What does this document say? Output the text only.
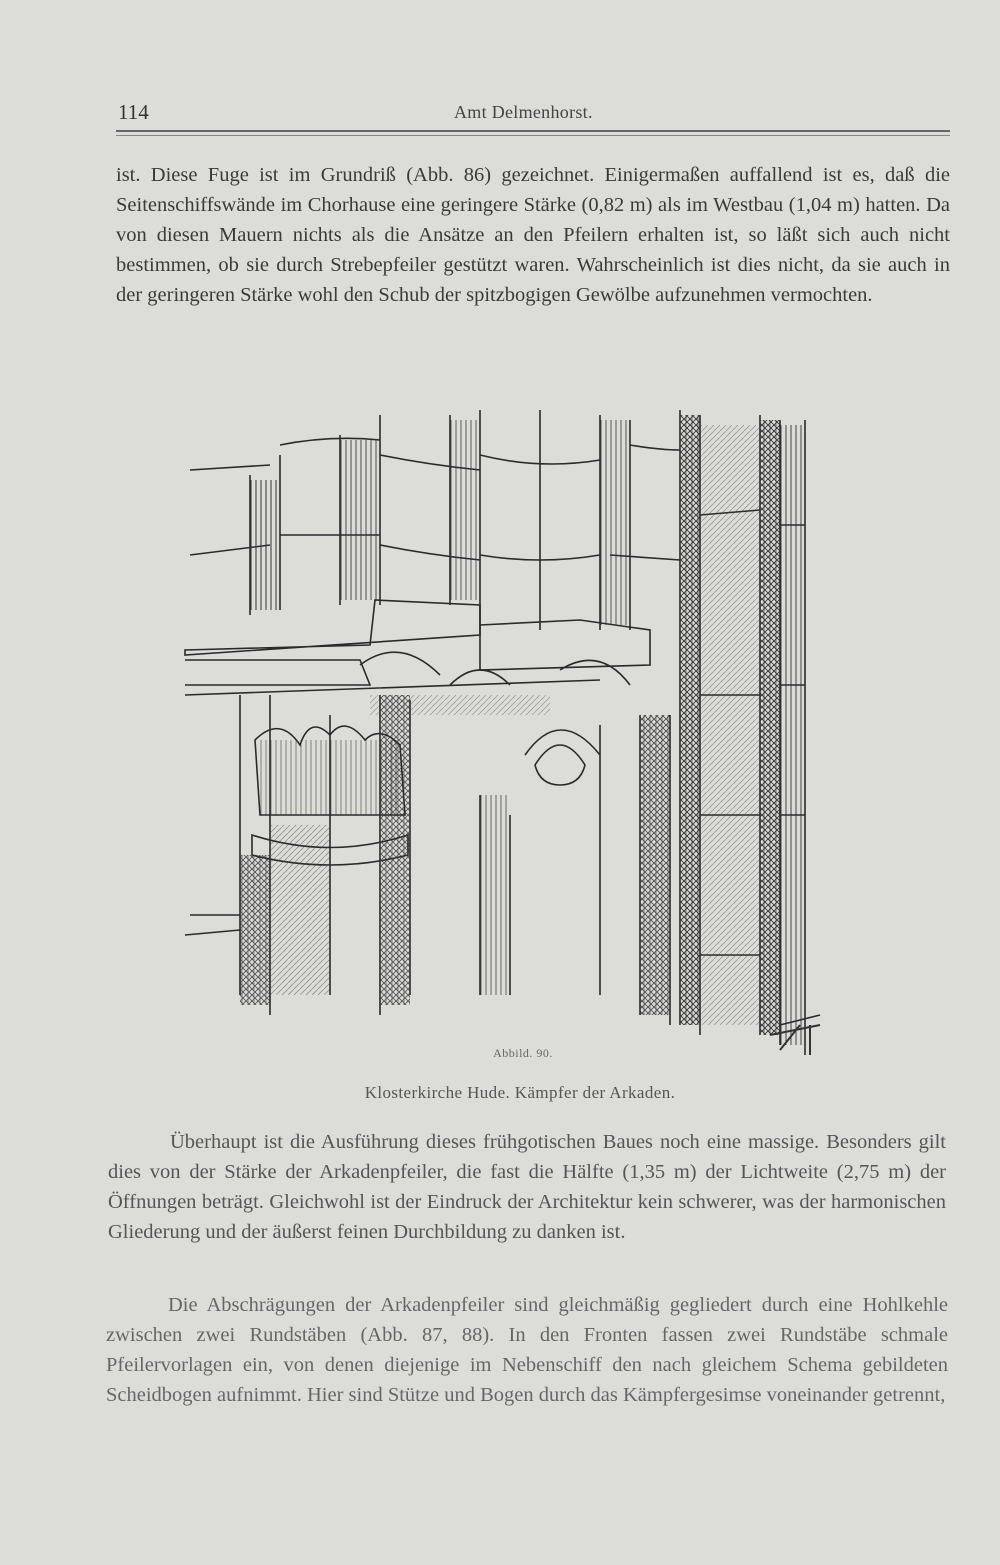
114	Amt Delmenhorst.

ist. Diese Fuge ist im Grundriß (Abb. 86) gezeichnet. Einigermaßen auffallend ist es, daß die Seitenschiffswände im Chorhause eine geringere Stärke (0,82 m) als im Westbau (1,04 m) hatten. Da von diesen Mauern nichts als die Ansätze an den Pfeilern erhalten ist, so läßt sich auch nicht bestimmen, ob sie durch Strebepfeiler gestützt waren. Wahrscheinlich ist dies nicht, da sie auch in der geringeren Stärke wohl den Schub der spitzbogigen Gewölbe aufzunehmen vermochten.

Abbild. 90.
Klosterkirche Hude. Kämpfer der Arkaden.

Überhaupt ist die Ausführung dieses frühgotischen Baues noch eine massige. Besonders gilt dies von der Stärke der Arkadenpfeiler, die fast die Hälfte (1,35 m) der Lichtweite (2,75 m) der Öffnungen beträgt. Gleichwohl ist der Eindruck der Architektur kein schwerer, was der harmonischen Gliederung und der äußerst feinen Durchbildung zu danken ist.

Die Abschrägungen der Arkadenpfeiler sind gleichmäßig gegliedert durch eine Hohlkehle zwischen zwei Rundstäben (Abb. 87, 88). In den Fronten fassen zwei Rundstäbe schmale Pfeilervorlagen ein, von denen diejenige im Nebenschiff den nach gleichem Schema gebildeten Scheidbogen aufnimmt. Hier sind Stütze und Bogen durch das Kämpfergesimse voneinander getrennt,
